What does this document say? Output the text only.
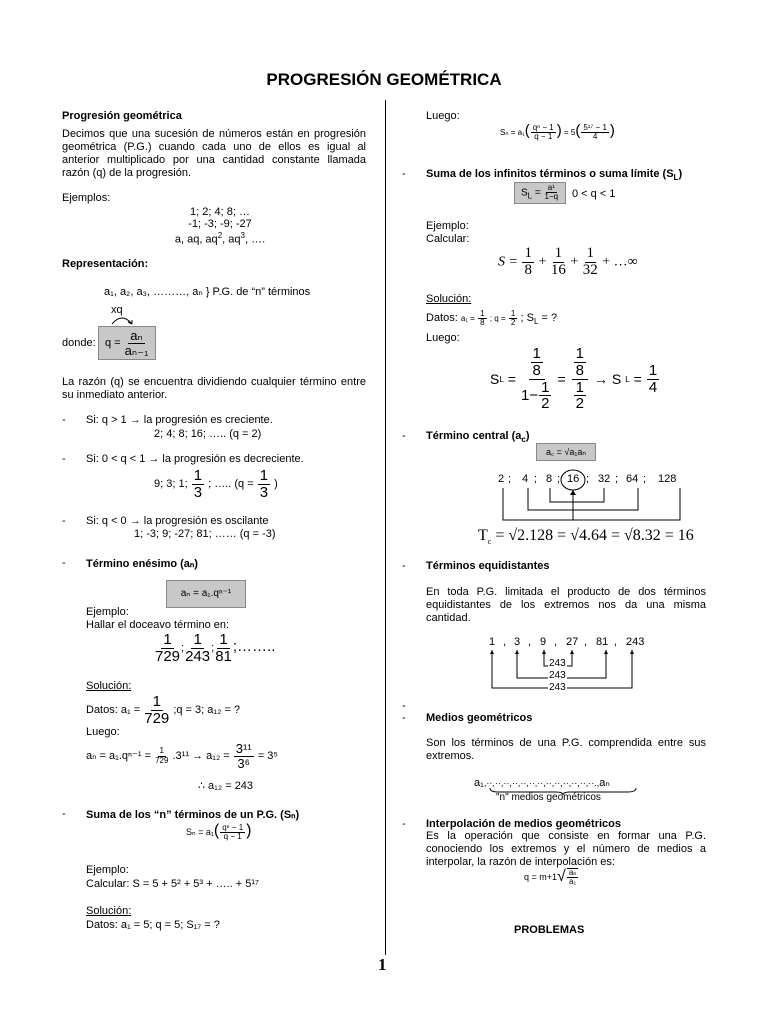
PROGRESIÓN GEOMÉTRICA
Progresión geométrica
Decimos que una sucesión de números están en progresión geométrica (P.G.) cuando cada uno de ellos es igual al anterior multiplicado por una cantidad constante llamada razón (q) de la progresión.
Ejemplos:
1; 2; 4; 8; …
-1; -3; -9; -27
a, aq, $aq^2$, $aq^3$, ….
Representación:
a₁, a₂, a₃, ………, aₙ } P.G. de “n” términos
xq
donde: $q = \frac{\text{aₙ}}{\text{aₙ₋₁}}$
La razón (q) se encuentra dividiendo cualquier término entre su inmediato anterior.
- Si: q > 1 → la progresión es creciente.
2; 4; 8; 16; ….. (q = 2)
- Si: 0 < q < 1 → la progresión es decreciente.
9; 3; 1; $\frac{1}{3}$ ; ….. ($q = \frac{1}{3}$ )
- Si: q < 0 → la progresión es oscilante
1; -3; 9; -27; 81; …… (q = -3)
- Término enésimo (aₙ)
aₙ = a₁.qⁿ⁻¹
Ejemplo:
Hallar el doceavo término en:
$\frac{1}{729}$ ; $\frac{1}{243}$ ; $\frac{1}{81}$ ;……..
Solución:
Datos: $a_1 = \frac{1}{729}$ ;q = 3; a₁₂ = ?
Luego:
$a_n = a_1.q^{n-1} = \frac{1}{729} .3^{11} \to a_{12} = \frac{\text{3¹¹}}{\text{3⁶}} = 3^5$
∴ a₁₂ = 243
- Suma de los “n” términos de un P.G. (Sₙ)
$S_n = a_1( \frac{\text{qⁿ − 1}}{q - 1}$ )
Ejemplo:
Calcular: S = 5 + 5² + 5³ + ….. + 5¹⁷
Solución:
Datos: a₁ = 5; q = 5; S₁₇ = ?
Luego:
$S_n = a_1( \frac{\text{qⁿ − 1}}{q - 1}$ ) = $5( \frac{\text{5¹⁷ − 1}}{4}$ )
- Suma de los infinitos términos o suma límite $(S_L)$
$S_L = \frac{\text{a¹}}{1-q} 0 < q < 1$
Ejemplo:
Calcular:
$S = \frac{1}{8} + \frac{1}{16} + \frac{1}{32}$ + …∞
Solución:
Datos: $a_1 = \frac{1}{8}$ ; $q = \frac{1}{2}$ ; $S_L$ = ?
Luego:
S $L = \frac{\frac{1}{8}}{1- \frac{1}{2}} = \frac{\frac{1}{8}}{\frac{1}{2}} \to S$ $L = \frac{1}{4}$
- Término central $(a_c)$
a꜀ = √a₁aₙ
2 ; 4 ; 8 ; 16 ; 32 ; 64 ; 128
$T_c = √2.128 = √4.64 = √8.32 = 16$
- Términos equidistantes
En toda P.G. limitada el producto de dos términos equidistantes de los extremos nos da una misma cantidad.
1 , 3 , 9 , 27 , 81 , 243
243
243
243
-
- Medios geométricos
Son los términos de una P.G. comprendida entre sus extremos.
a₁,··,··,··,··,··,··,··,··,··,··,··,··,··.,aₙ
"n" medios geométricos
- Interpolación de medios geométricos
Es la operación que consiste en formar una P.G. conociendo los extremos y el número de medios a interpolar, la razón de interpolación es:
q = m+1 √ $\frac{\text{aₙ}}{\text{a₁}}$
PROBLEMAS
1
